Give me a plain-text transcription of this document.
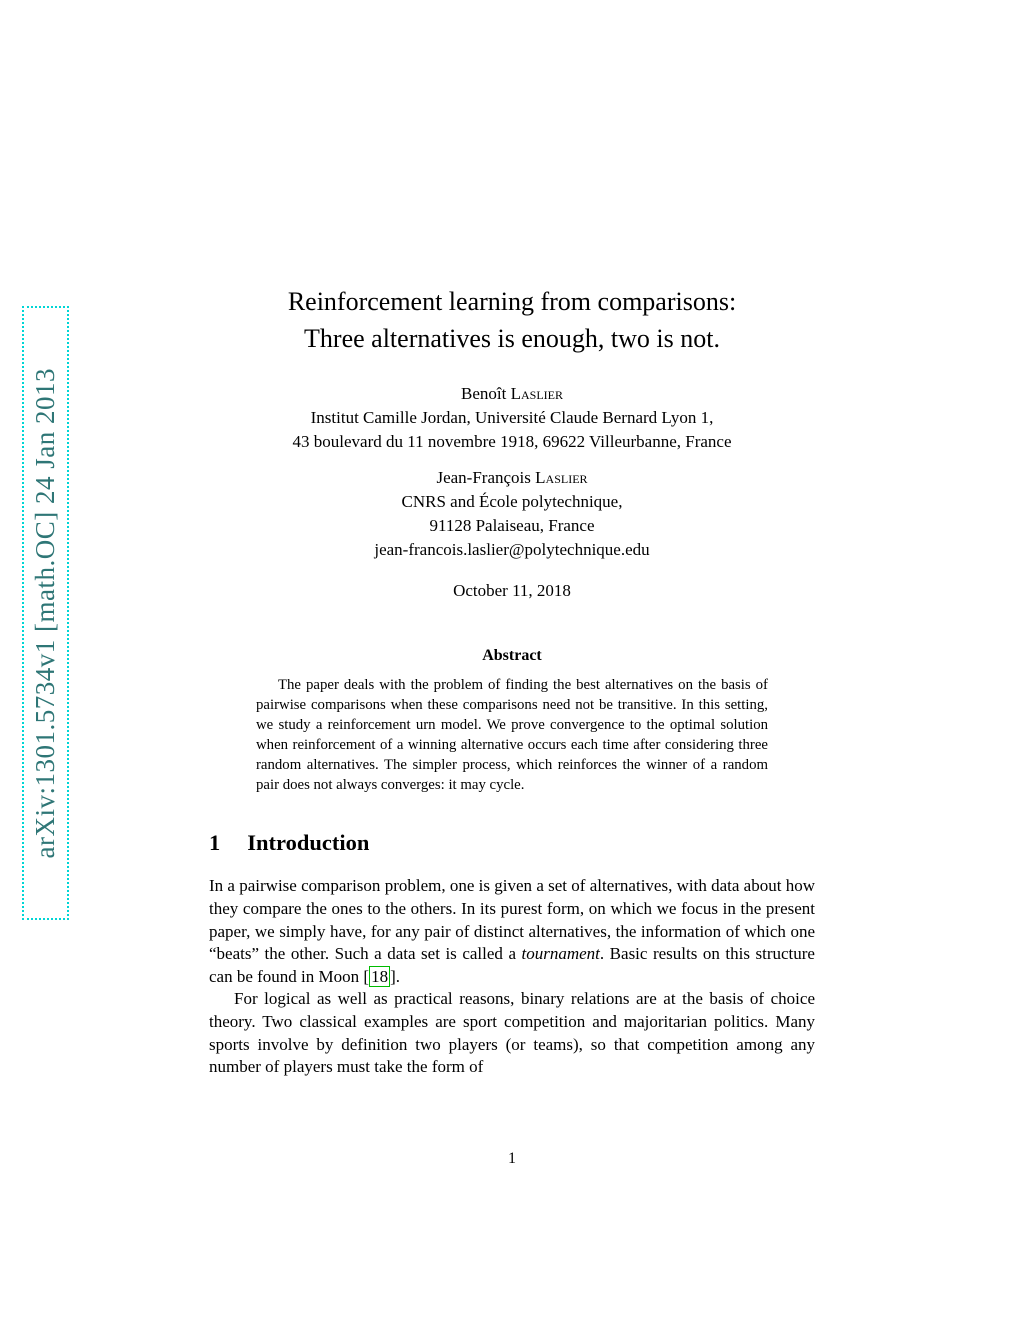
arXiv:1301.5734v1 [math.OC] 24 Jan 2013
Reinforcement learning from comparisons:
Three alternatives is enough, two is not.
Benoît Laslier
Institut Camille Jordan, Université Claude Bernard Lyon 1,
43 boulevard du 11 novembre 1918, 69622 Villeurbanne, France
Jean-François Laslier
CNRS and École polytechnique,
91128 Palaiseau, France
jean-francois.laslier@polytechnique.edu
October 11, 2018
Abstract
The paper deals with the problem of finding the best alternatives on the basis of pairwise comparisons when these comparisons need not be transitive. In this setting, we study a reinforcement urn model. We prove convergence to the optimal solution when reinforcement of a winning alternative occurs each time after considering three random alternatives. The simpler process, which reinforces the winner of a random pair does not always converges: it may cycle.
1 Introduction

In a pairwise comparison problem, one is given a set of alternatives, with data about how they compare the ones to the others. In its purest form, on which we focus in the present paper, we simply have, for any pair of distinct alternatives, the information of which one “beats” the other. Such a data set is called a tournament. Basic results on this structure can be found in Moon [ 18 ].

For logical as well as practical reasons, binary relations are at the basis of choice theory. Two classical examples are sport competition and majoritarian politics. Many sports involve by definition two players (or teams), so that competition among any number of players must take the form of

1
